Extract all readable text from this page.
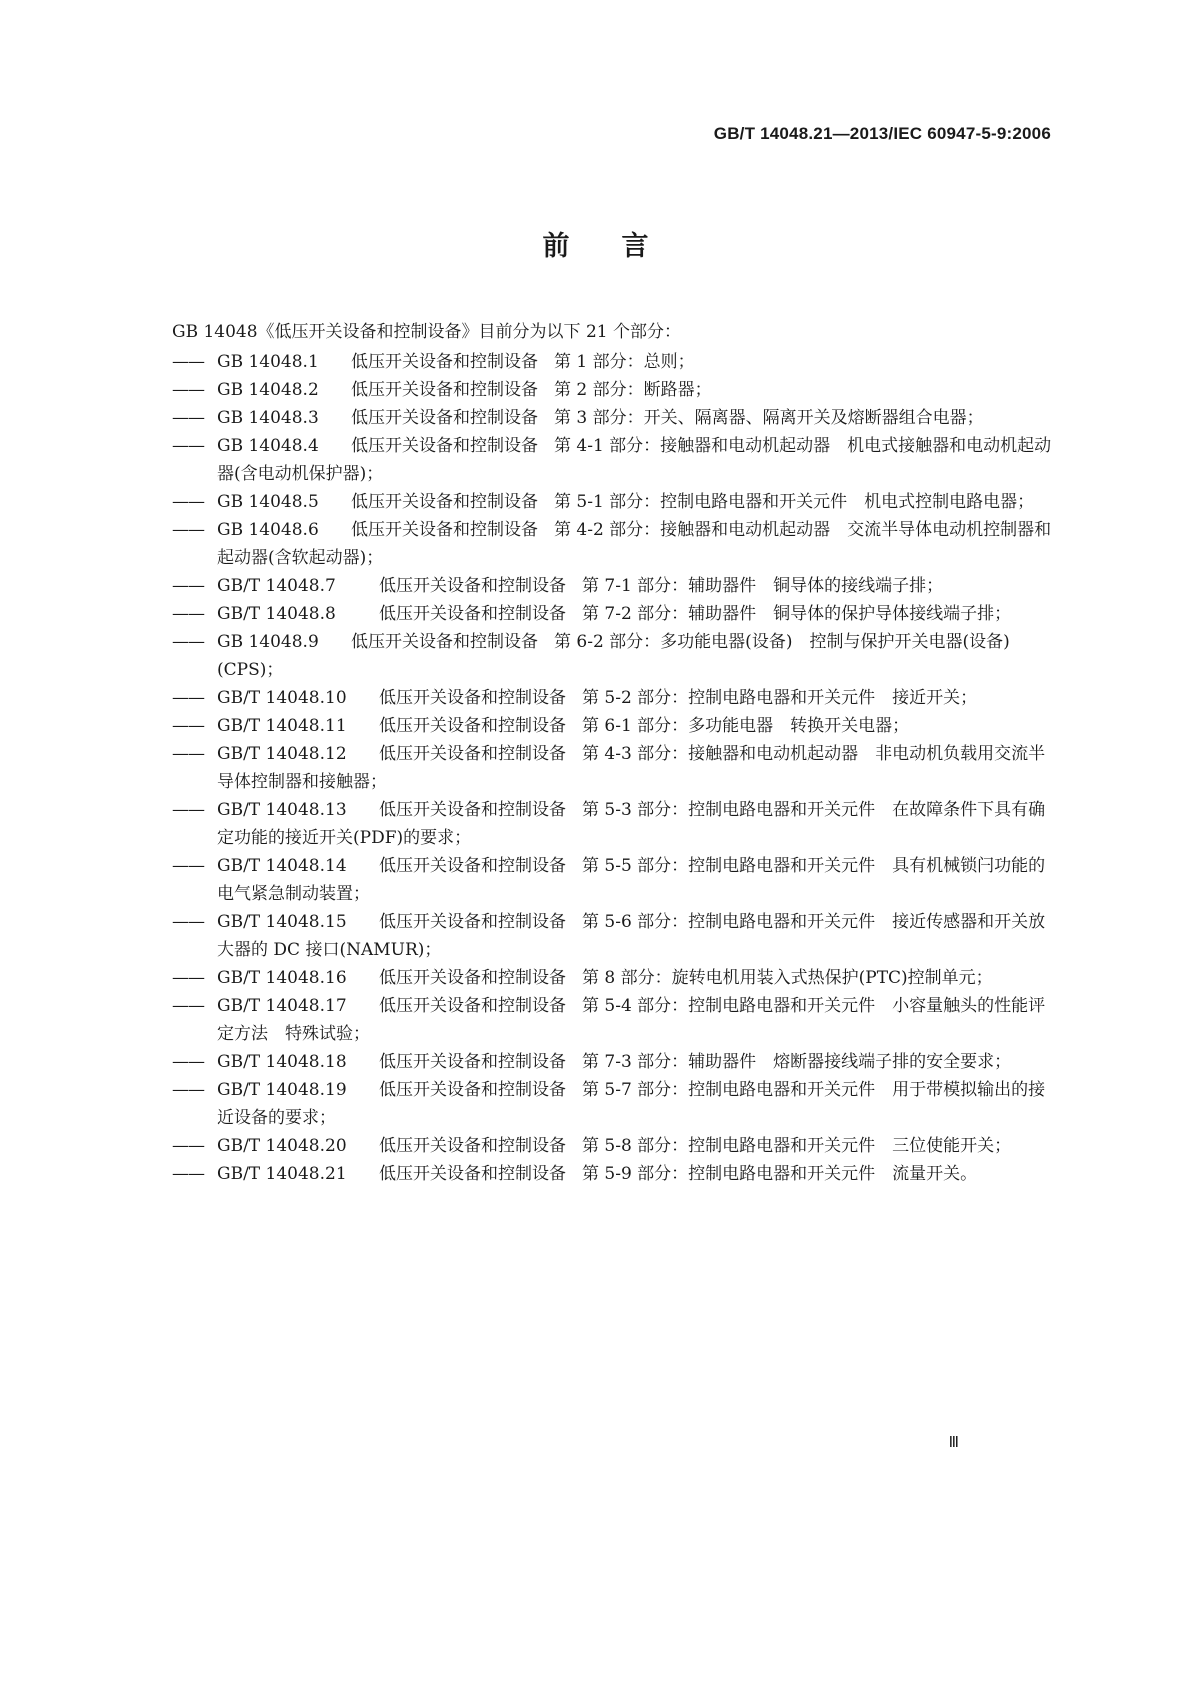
GB/T 14048.21—2013/IEC 60947-5-9:2006
前言

GB 14048《低压开关设备和控制设备》目前分为以下 21 个部分：

—— GB 14048.1 低压开关设备和控制设备 第 1 部分：总则；

—— GB 14048.2 低压开关设备和控制设备 第 2 部分：断路器；

—— GB 14048.3 低压开关设备和控制设备 第 3 部分：开关、隔离器、隔离开关及熔断器组合电器；

—— GB 14048.4 低压开关设备和控制设备 第 4-1 部分：接触器和电动机起动器　机电式接触器和电动机起动器(含电动机保护器)；

—— GB 14048.5 低压开关设备和控制设备 第 5-1 部分：控制电路电器和开关元件　机电式控制电路电器；

—— GB 14048.6 低压开关设备和控制设备 第 4-2 部分：接触器和电动机起动器　交流半导体电动机控制器和起动器(含软起动器)；

—— GB/T 14048.7	低压开关设备和控制设备 第 7-1 部分：辅助器件　铜导体的接线端子排；

—— GB/T 14048.8	低压开关设备和控制设备 第 7-2 部分：辅助器件　铜导体的保护导体接线端子排；

—— GB 14048.9 低压开关设备和控制设备 第 6-2 部分：多功能电器(设备)　控制与保护开关电器(设备)(CPS)；

—— GB/T 14048.10 低压开关设备和控制设备 第 5-2 部分：控制电路电器和开关元件　接近开关；

—— GB/T 14048.11 低压开关设备和控制设备 第 6-1 部分：多功能电器　转换开关电器；

—— GB/T 14048.12 低压开关设备和控制设备 第 4-3 部分：接触器和电动机起动器　非电动机负载用交流半导体控制器和接触器；

—— GB/T 14048.13 低压开关设备和控制设备 第 5-3 部分：控制电路电器和开关元件　在故障条件下具有确定功能的接近开关(PDF)的要求；

—— GB/T 14048.14 低压开关设备和控制设备 第 5-5 部分：控制电路电器和开关元件　具有机械锁闩功能的电气紧急制动装置；

—— GB/T 14048.15 低压开关设备和控制设备 第 5-6 部分：控制电路电器和开关元件　接近传感器和开关放大器的 DC 接口(NAMUR)；

—— GB/T 14048.16 低压开关设备和控制设备 第 8 部分：旋转电机用装入式热保护(PTC)控制单元；

—— GB/T 14048.17 低压开关设备和控制设备 第 5-4 部分：控制电路电器和开关元件　小容量触头的性能评定方法　特殊试验；

—— GB/T 14048.18 低压开关设备和控制设备 第 7-3 部分：辅助器件　熔断器接线端子排的安全要求；

—— GB/T 14048.19 低压开关设备和控制设备 第 5-7 部分：控制电路电器和开关元件　用于带模拟输出的接近设备的要求；

—— GB/T 14048.20 低压开关设备和控制设备 第 5-8 部分：控制电路电器和开关元件　三位使能开关；

—— GB/T 14048.21 低压开关设备和控制设备 第 5-9 部分：控制电路电器和开关元件　流量开关。

Ⅲ
